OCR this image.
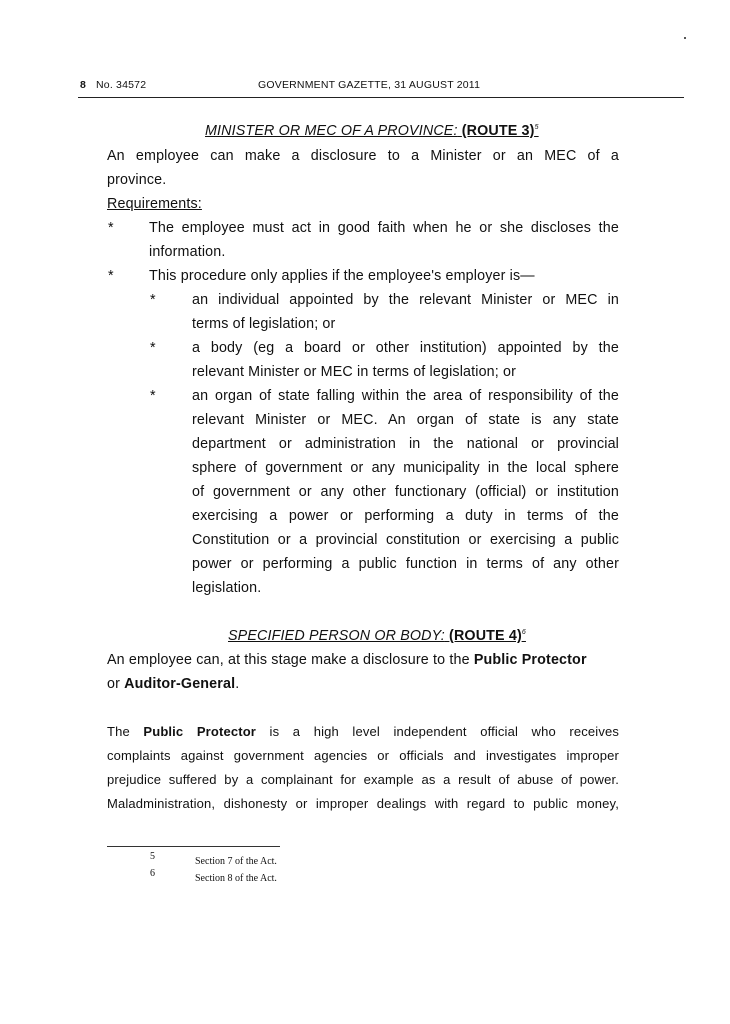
8 No. 34572	GOVERNMENT GAZETTE, 31 AUGUST 2011
MINISTER OR MEC OF A PROVINCE: (ROUTE 3)$^5$
An employee can make a disclosure to a Minister or an MEC of a
province.
Requirements:
* The employee must act in good faith when he or she discloses the
information.
* This procedure only applies if the employee's employer is—
*	an individual appointed by the relevant Minister or MEC in
terms of legislation; or
*	a body (eg a board or other institution) appointed by the
relevant Minister or MEC in terms of legislation; or
*	an organ of state falling within the area of responsibility of the
relevant Minister or MEC. An organ of state is any state
department or administration in the national or provincial
sphere of government or any municipality in the local sphere
of government or any other functionary (official) or institution
exercising a power or performing a duty in terms of the
Constitution or a provincial constitution or exercising a public
power or performing a public function in terms of any other
legislation.
SPECIFIED PERSON OR BODY: (ROUTE 4)$^6$
An employee can, at this stage make a disclosure to the Public Protector
or Auditor-General.
The Public Protector is a high level independent official who receives
complaints against government agencies or officials and investigates improper
prejudice suffered by a complainant for example as a result of abuse of power.
Maladministration, dishonesty or improper dealings with regard to public money,
5	Section 7 of the Act.
6	Section 8 of the Act.
